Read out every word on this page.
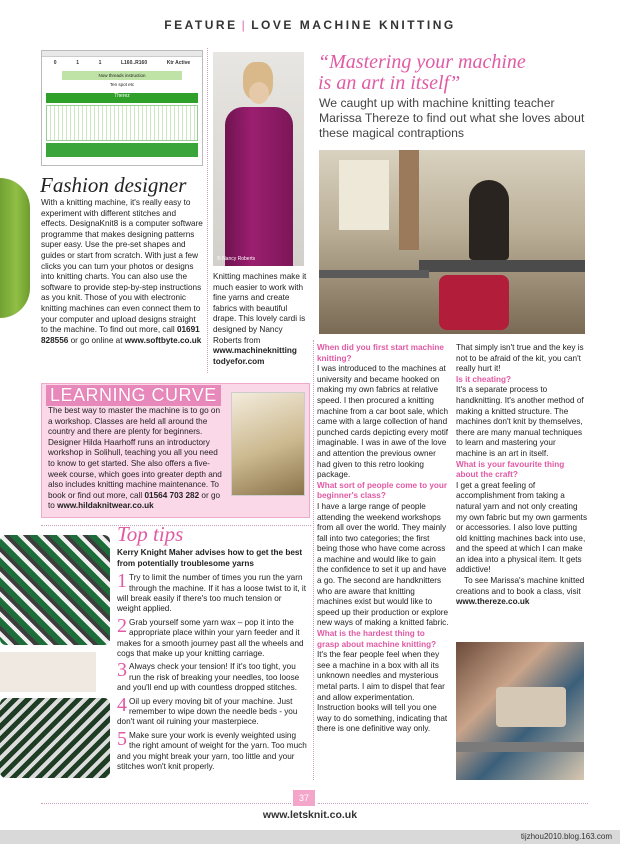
FEATURE | LOVE MACHINE KNITTING
0	1	1	L160..R160	Ktr Active
Now threads instruction
Ten spot etc
Therez
Fashion designer

With a knitting machine, it's really easy to experiment with different stitches and effects. DesignaKnit8 is a computer software programme that makes designing patterns super easy. Use the pre-set shapes and guides or start from scratch. With just a few clicks you can turn your photos or designs into knitting charts. You can also use the software to provide step-by-step instructions as you knit. Those of you with electronic knitting machines can even connect them to your computer and upload designs straight to the machine. To find out more, call 01691 828556 or go online at www.softbyte.co.uk

© Nancy Roberts

Knitting machines make it much easier to work with fine yarns and create fabrics with beautiful drape. This lovely cardi is designed by Nancy Roberts from www.machineknitting
todyefor.com

“Mastering your machine
is an art in itself”
We caught up with machine knitting teacher Marissa Thereze to find out what she loves about these magical contraptions
LEARNING CURVE

The best way to master the machine is to go on a workshop. Classes are held all around the country and there are plenty for beginners. Designer Hilda Haarhoff runs an introductory workshop in Solihull, teaching you all you need to know to get started. She also offers a five-week course, which goes into greater depth and also includes knitting machine maintenance. To book or find out more, call 01564 703 282 or go to www.hildaknitwear.co.uk

Top tips

Kerry Knight Maher advises how to get the best from potentially troublesome yarns

1 Try to limit the number of times you run the yarn through the machine. If it has a loose twist to it, it will break easily if there's too much tension or weight applied.
2 Grab yourself some yarn wax – pop it into the appropriate place within your yarn feeder and it makes for a smooth journey past all the wheels and cogs that make up your knitting carriage.
3 Always check your tension! If it's too tight, you run the risk of breaking your needles, too loose and you'll end up with countless dropped stitches.
4 Oil up every moving bit of your machine. Just remember to wipe down the needle beds - you don't want oil ruining your masterpiece.
5 Make sure your work is evenly weighted using the right amount of weight for the yarn. Too much and you might break your yarn, too little and your stitches won't knit properly.

When did you first start machine knitting?

I was introduced to the machines at university and became hooked on making my own fabrics at relative speed. I then procured a knitting machine from a car boot sale, which came with a large collection of hand punched cards depicting every motif imaginable. I was in awe of the love and attention the previous owner had given to this retro looking package.

What sort of people come to your beginner's class?

I have a large range of people attending the weekend workshops from all over the world. They mainly fall into two categories; the first being those who have come across a machine and would like to gain the confidence to set it up and have a go. The second are handknitters who are aware that knitting machines exist but would like to speed up their production or explore new ways of making a knitted fabric.

What is the hardest thing to grasp about machine knitting?

It's the fear people feel when they see a machine in a box with all its unknown needles and mysterious metal parts. I aim to dispel that fear and allow experimentation. Instruction books will tell you one way to do something, indicating that there is one definitive way only.

That simply isn't true and the key is not to be afraid of the kit, you can't really hurt it!

Is it cheating?

It's a separate process to handknitting. It's another method of making a knitted structure. The machines don't knit by themselves, there are many manual techniques to learn and mastering your machine is an art in itself.

What is your favourite thing about the craft?

I get a great feeling of accomplishment from taking a natural yarn and not only creating my own fabric but my own garments or accessories. I also love putting old knitting machines back into use, and the speed at which I can make an idea into a physical item. It gets addictive!

To see Marissa's machine knitted creations and to book a class, visit www.thereze.co.uk

37
www.letsknit.co.uk
tijzhou2010.blog.163.com
